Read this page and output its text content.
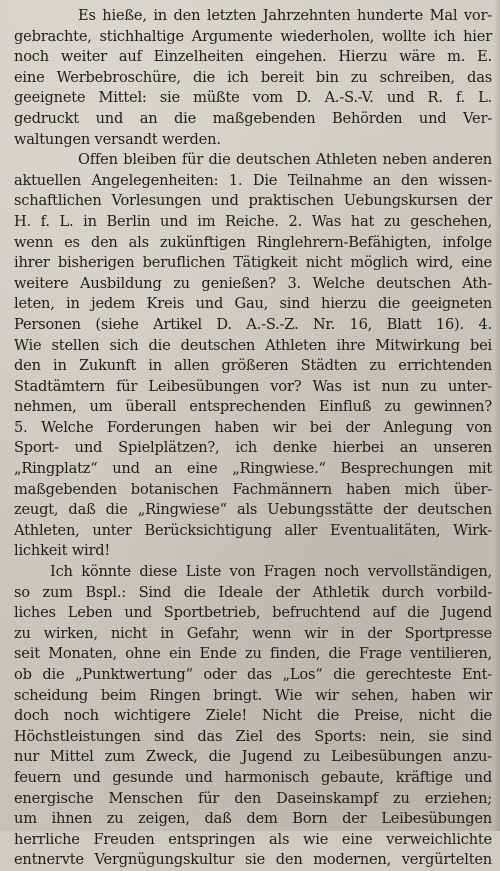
Es hieße, in den letzten Jahrzehnten hunderte Mal vor-
gebrachte, stichhaltige Argumente wiederholen, wollte ich hier
noch weiter auf Einzelheiten eingehen. Hierzu wäre m. E.
eine Werbebroschüre, die ich bereit bin zu schreiben, das
geeignete Mittel: sie müßte vom D. A.-S.-V. und R. f. L.
gedruckt und an die maßgebenden Behörden und Ver-
waltungen versandt werden.
Offen bleiben für die deutschen Athleten neben anderen
aktuellen Angelegenheiten: 1. Die Teilnahme an den wissen-
schaftlichen Vorlesungen und praktischen Uebungskursen der
H. f. L. in Berlin und im Reiche. 2. Was hat zu geschehen,
wenn es den als zukünftigen Ringlehrern-Befähigten, infolge
ihrer bisherigen beruflichen Tätigkeit nicht möglich wird, eine
weitere Ausbildung zu genießen? 3. Welche deutschen Ath-
leten, in jedem Kreis und Gau, sind hierzu die geeigneten
Personen (siehe Artikel D. A.-S.-Z. Nr. 16, Blatt 16). 4.
Wie stellen sich die deutschen Athleten ihre Mitwirkung bei
den in Zukunft in allen größeren Städten zu errichtenden
Stadtämtern für Leibesübungen vor? Was ist nun zu unter-
nehmen, um überall entsprechenden Einfluß zu gewinnen?
5. Welche Forderungen haben wir bei der Anlegung von
Sport- und Spielplätzen?, ich denke hierbei an unseren
„Ringplatz“ und an eine „Ringwiese.“ Besprechungen mit
maßgebenden botanischen Fachmännern haben mich über-
zeugt, daß die „Ringwiese“ als Uebungsstätte der deutschen
Athleten, unter Berücksichtigung aller Eventualitäten, Wirk-
lichkeit wird!
Ich könnte diese Liste von Fragen noch vervollständigen,
so zum Bspl.: Sind die Ideale der Athletik durch vorbild-
liches Leben und Sportbetrieb, befruchtend auf die Jugend
zu wirken, nicht in Gefahr, wenn wir in der Sportpresse
seit Monaten, ohne ein Ende zu finden, die Frage ventilieren,
ob die „Punktwertung“ oder das „Los“ die gerechteste Ent-
scheidung beim Ringen bringt. Wie wir sehen, haben wir
doch noch wichtigere Ziele! Nicht die Preise, nicht die
Höchstleistungen sind das Ziel des Sports: nein, sie sind
nur Mittel zum Zweck, die Jugend zu Leibesübungen anzu-
feuern und gesunde und harmonisch gebaute, kräftige und
energische Menschen für den Daseinskampf zu erziehen;
um ihnen zu zeigen, daß dem Born der Leibesübungen
herrliche Freuden entspringen als wie eine verweichlichte
entnervte Vergnügungskultur sie den modernen, vergürtelten
